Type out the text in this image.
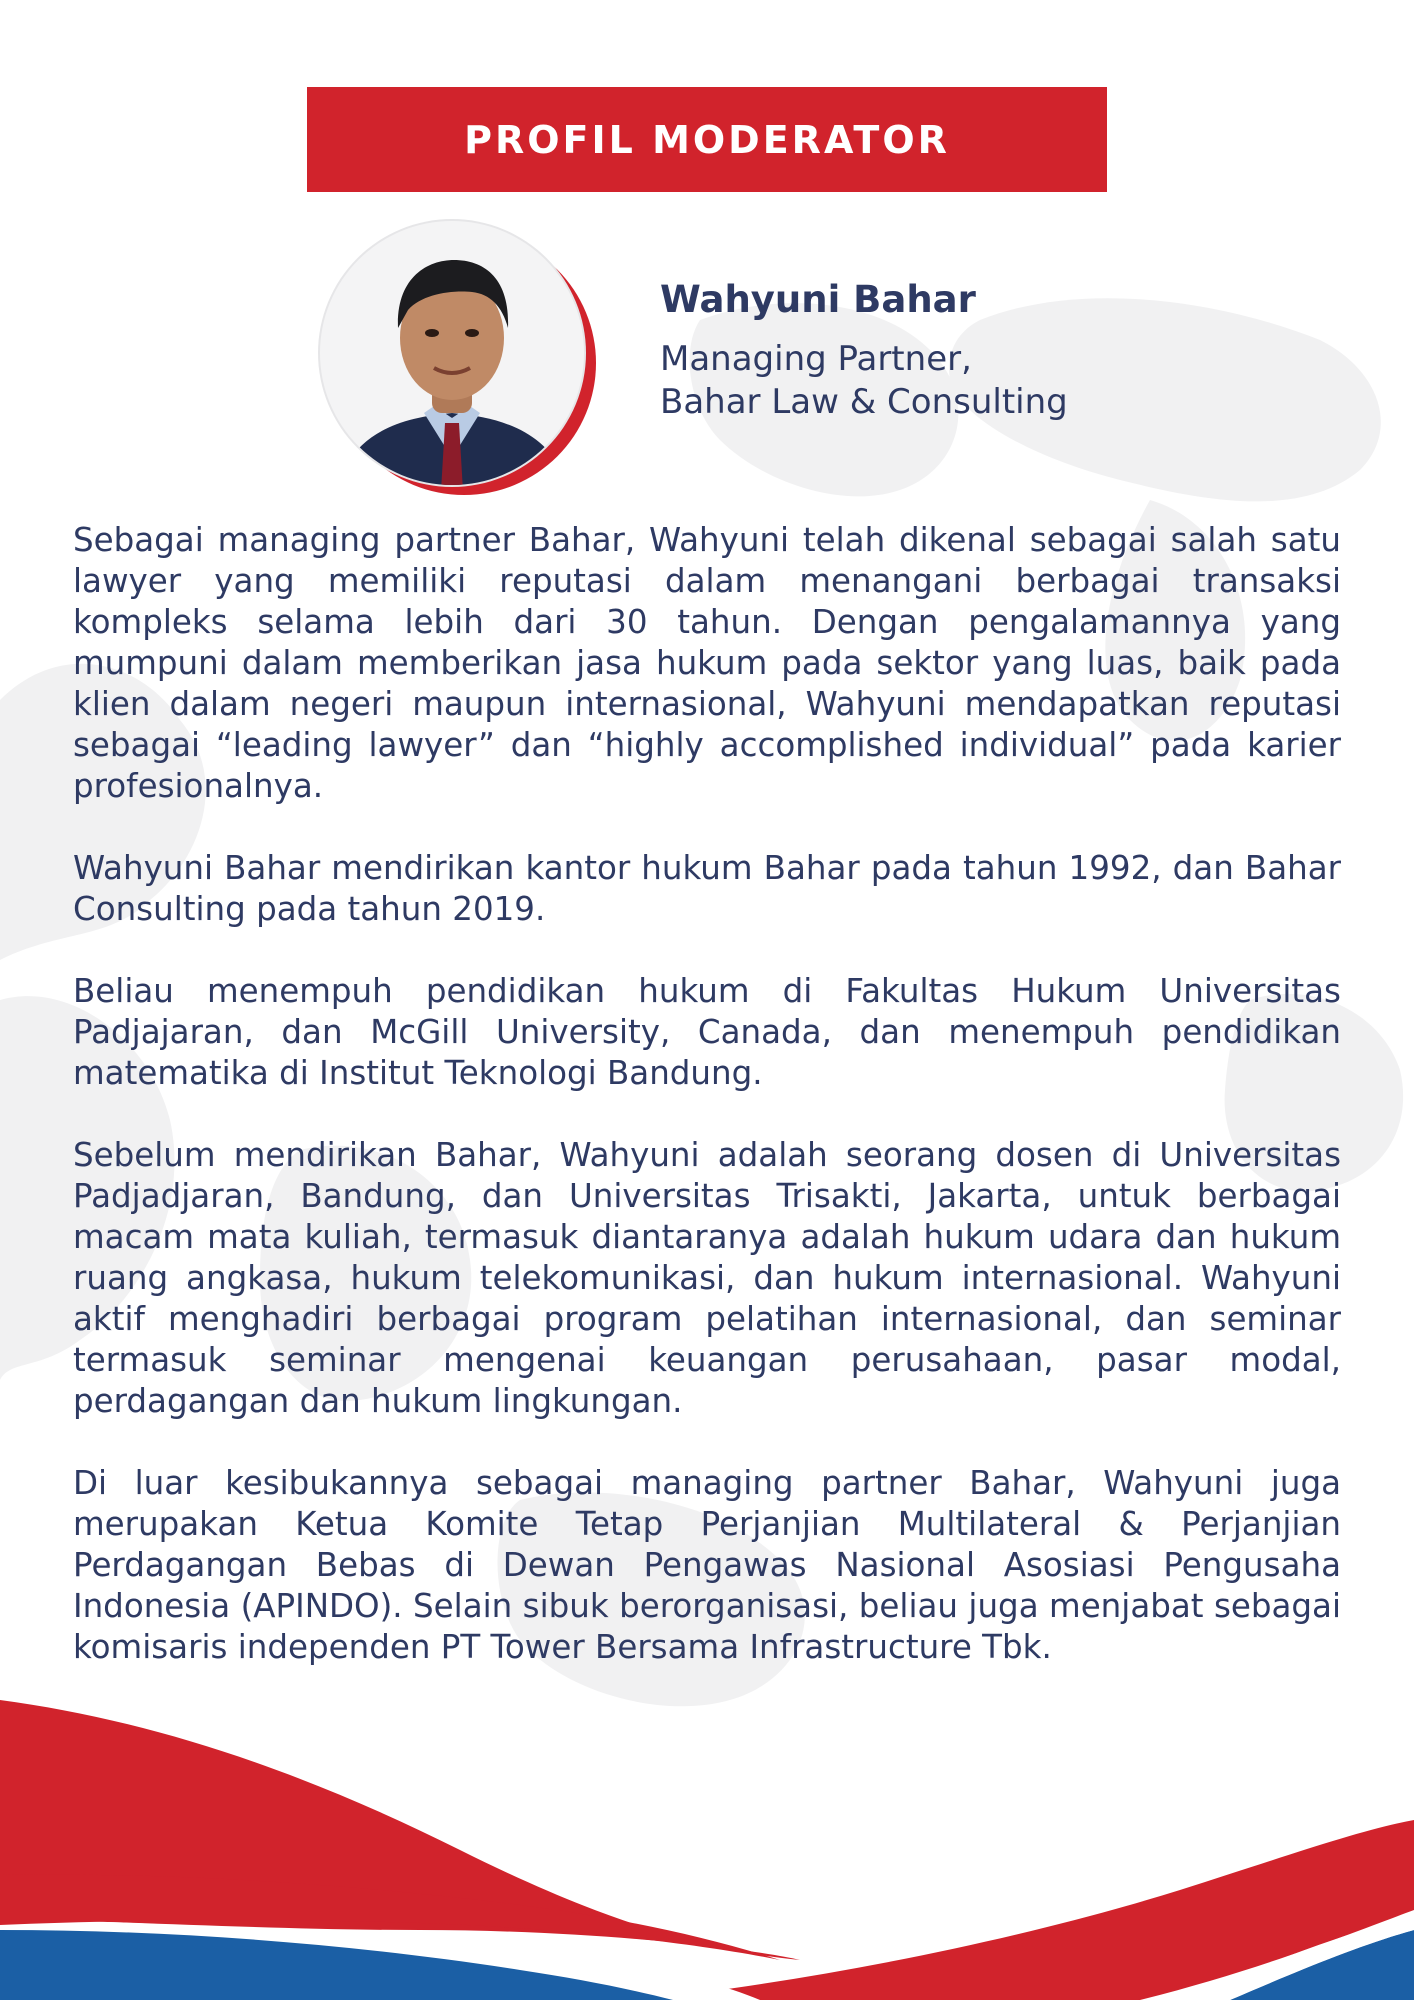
PROFIL MODERATOR
Wahyuni Bahar
Managing Partner,
Bahar Law & Consulting

Sebagai managing partner Bahar, Wahyuni telah dikenal sebagai salah satu lawyer yang memiliki reputasi dalam menangani berbagai transaksi kompleks selama lebih dari 30 tahun. Dengan pengalamannya yang mumpuni dalam memberikan jasa hukum pada sektor yang luas, baik pada klien dalam negeri maupun internasional, Wahyuni mendapatkan reputasi sebagai “leading lawyer” dan “highly accomplished individual” pada karier profesionalnya.

Wahyuni Bahar mendirikan kantor hukum Bahar pada tahun 1992, dan Bahar Consulting pada tahun 2019.

Beliau menempuh pendidikan hukum di Fakultas Hukum Universitas Padjajaran, dan McGill University, Canada, dan menempuh pendidikan matematika di Institut Teknologi Bandung.

Sebelum mendirikan Bahar, Wahyuni adalah seorang dosen di Universitas Padjadjaran, Bandung, dan Universitas Trisakti, Jakarta, untuk berbagai macam mata kuliah, termasuk diantaranya adalah hukum udara dan hukum ruang angkasa, hukum telekomunikasi, dan hukum internasional. Wahyuni aktif menghadiri berbagai program pelatihan internasional, dan seminar termasuk seminar mengenai keuangan perusahaan, pasar modal, perdagangan dan hukum lingkungan.

Di luar kesibukannya sebagai managing partner Bahar, Wahyuni juga merupakan Ketua Komite Tetap Perjanjian Multilateral & Perjanjian Perdagangan Bebas di Dewan Pengawas Nasional Asosiasi Pengusaha Indonesia (APINDO). Selain sibuk berorganisasi, beliau juga menjabat sebagai komisaris independen PT Tower Bersama Infrastructure Tbk.
